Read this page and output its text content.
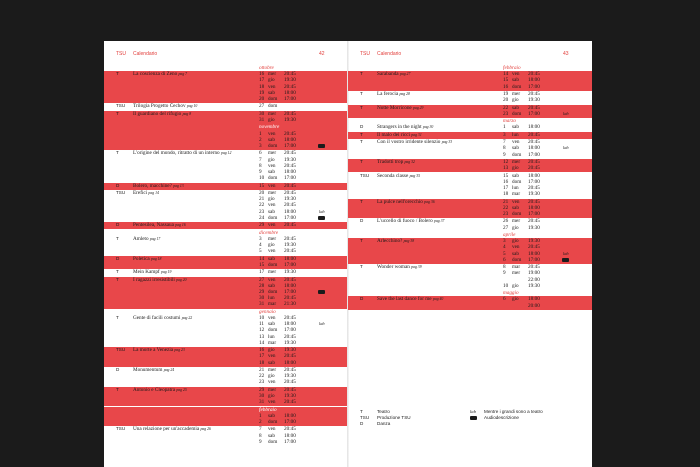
TSU Calendario	42
ottobre
T	La coscienza di Zeno pag 7	16 mer	20:45
17 gio	19:30
18 ven	20:45
19 sab	18:00
20 dom	17:00
TSU	Trilogia Progetto Čechov pag 10	27 dom
T	Il guardiano del rifugio pag 8	30 mer	20:45
31 gio	19:30
novembre
1	ven	20:45
2	sab	18:00
3	dom	17:00
T	L'origine del mondo, ritratto di un interno pag 12	6	mer	20:45
7	gio	19:30
8	ven	20:45
9	sab	18:00
10 dom	17:00
D	Bolero, macchine? pag 13	15 ven	20:45
TSU	Erefici pag 14	20 mer	20:45
21 gio	19:30
22 ven	20:45
23 sab	18:00	lab
24 dom	17:00
D	Pentesilea, Nassaua pag 16	29 ven	20:45
dicembre
T	Amleto pag 17	3	mer	20:45
4	gio	19:30
5	ven	20:45
D	Poletica pag 18	14 sab	18:00
15 dom	17:00
T	Mein Kampf pag 19	17 mer	19:30
T	I ragazzi irresistibili pag 20	27 ven	20:45
28 sab	18:00
29 dom	17:00
30 lun	20:45
31 mar	21:30
gennaio
T	Gente di facili costumi pag 22	10 ven	20:45
11 sab	18:00	lab
12 dom	17:00
13 lun	20:45
14 mar	19:30
TSU	La morte a Venezia pag 23	16 gio	19:30
17 ven	20:45
18 sab	18:00
D	Monumentum pag 24	21 mer	20:45
22 gio	19:30
23 ven	20:45
T	Antonio e Cleopatra pag 25	29 mer	20:45
30 gio	19:30
31 ven	20:45
febbraio
1	sab	18:00
2	dom	17:00
TSU	Una relazione per un'accademia pag 26	7	ven	20:45
8	sab	18:00
9	dom	17:00
TSU Calendario	43
febbraio
T	Sarabanda pag 27	14 ven	20:45
15 sab	18:00
16 dom	17:00
T	La ferocia pag 28	19 mer	20:45
20 gio	19:30
T	Notte Morricone pag 29	22 sab	20:45
23 dom	17:00	lab
marzo
D	Strangers in the night pag 30	1	sab	18:00
T	Il malo dei ricci pag 31	3	lun	20:45
T	Con il vostro irridente silenzio pag 33	7	ven	20:45
8	sab	18:00	lab
9	dom	17:00
T	Tradotti trop pag 32	12 mer	20:45
13 gio	20:45
TSU	Seconda classe pag 35	15 sab	18:00
16 dom	17:00
17 lun	20:45
18 mar	19:30
T	La pulce nell'orecchio pag 36	21 ven	20:45
22 sab	18:00
23 dom	17:00
D	L'uccello di fuoco / Bolero pag 37	26 mer	20:45
27 gio	19:30
aprile
T	Arlecchino? pag 38	3	gio	19:30
4	ven	20:45
5	sab	18:00	lab
6	dom	17:00
T	Wonder woman pag 39	8	mar	20:45
9	mer	19:00
22:00
10 gio	19:30
maggio
D	Save the last dance for me pag 40	6	gio	18:00
20:00
T	Teatro
TSU Produzione TSU
D	Danza
lab Mentre i grandi sono a teatro
Audiodescrizione
